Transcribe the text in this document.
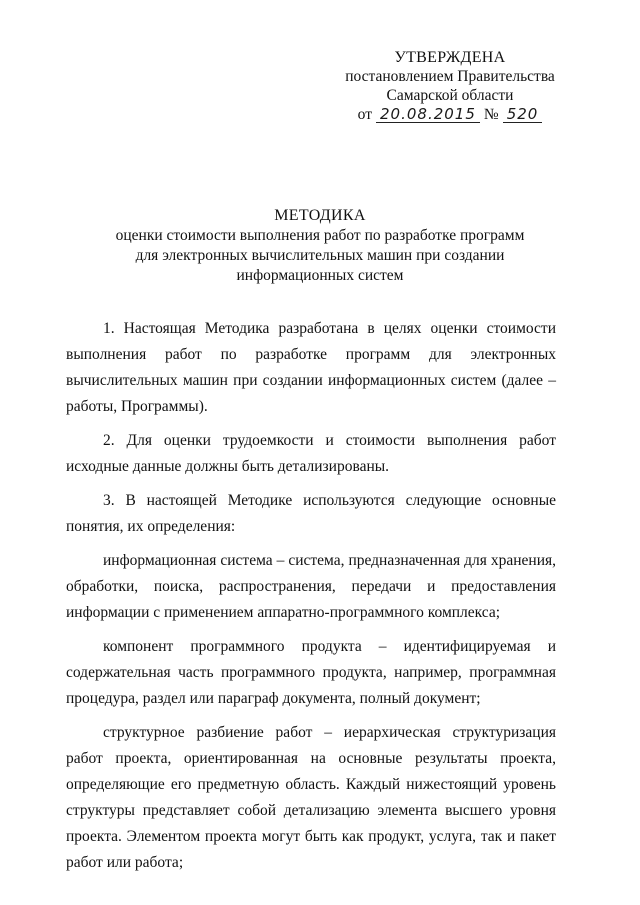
УТВЕРЖДЕНА
постановлением Правительства
Самарской области
от 20.08.2015 № 520
МЕТОДИКА
оценки стоимости выполнения работ по разработке программ
для электронных вычислительных машин при создании
информационных систем

1. Настоящая Методика разработана в целях оценки стоимости выполнения работ по разработке программ для электронных вычислительных машин при создании информационных систем (далее – работы, Программы).

2. Для оценки трудоемкости и стоимости выполнения работ исходные данные должны быть детализированы.

3. В настоящей Методике используются следующие основные понятия, их определения:

информационная система – система, предназначенная для хранения, обработки, поиска, распространения, передачи и предоставления информации с применением аппаратно-программного комплекса;

компонент программного продукта – идентифицируемая и содержательная часть программного продукта, например, программная процедура, раздел или параграф документа, полный документ;

структурное разбиение работ – иерархическая структуризация работ проекта, ориентированная на основные результаты проекта, определяющие его предметную область. Каждый нижестоящий уровень структуры представляет собой детализацию элемента высшего уровня проекта. Элементом проекта могут быть как продукт, услуга, так и пакет работ или работа;
